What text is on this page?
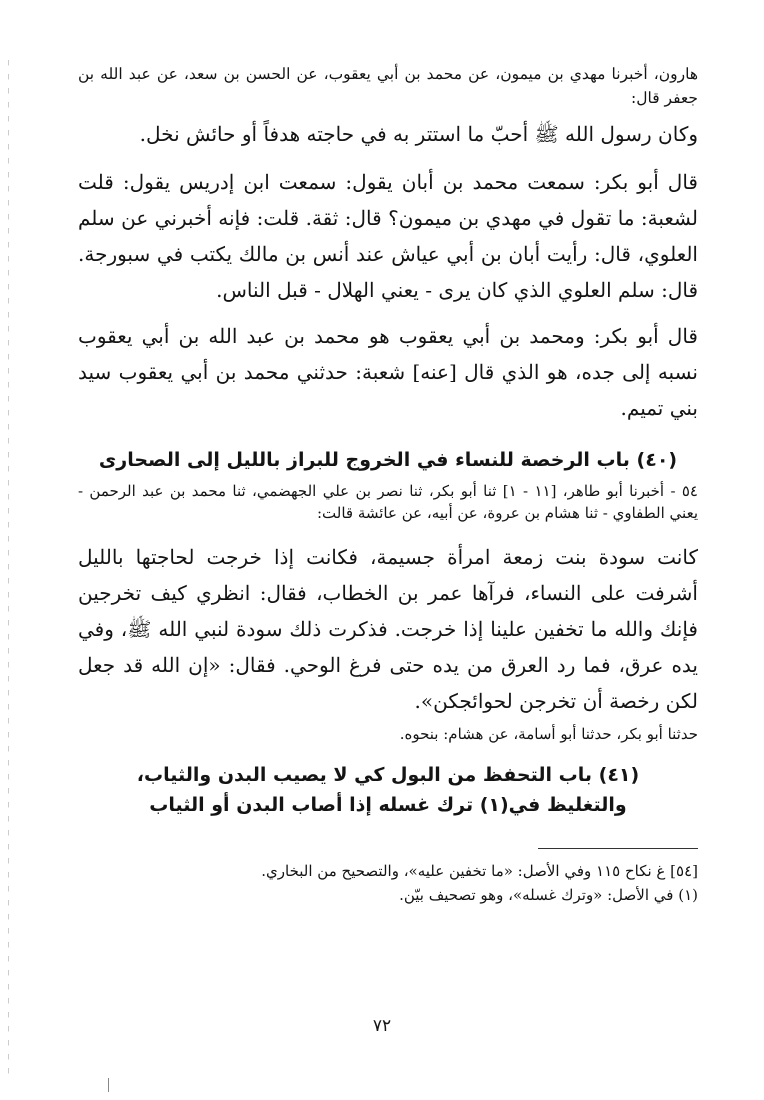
هارون، أخبرنا مهدي بن ميمون، عن محمد بن أبي يعقوب، عن الحسن بن سعد، عن عبد الله بن جعفر قال:

وكان رسول الله ﷺ أحبّ ما استتر به في حاجته هدفاً أو حائش نخل.

قال أبو بكر: سمعت محمد بن أبان يقول: سمعت ابن إدريس يقول: قلت لشعبة: ما تقول في مهدي بن ميمون؟ قال: ثقة. قلت: فإنه أخبرني عن سلم العلوي، قال: رأيت أبان بن أبي عياش عند أنس بن مالك يكتب في سبورجة. قال: سلم العلوي الذي كان يرى - يعني الهلال - قبل الناس.

قال أبو بكر: ومحمد بن أبي يعقوب هو محمد بن عبد الله بن أبي يعقوب نسبه إلى جده، هو الذي قال [عنه] شعبة: حدثني محمد بن أبي يعقوب سيد بني تميم.

(٤٠) باب الرخصة للنساء في الخروج للبراز بالليل إلى الصحارى

٥٤ - أخبرنا أبو طاهر، [١١ - ١] ثنا أبو بكر، ثنا نصر بن علي الجهضمي، ثنا محمد بن عبد الرحمن - يعني الطفاوي - ثنا هشام بن عروة، عن أبيه، عن عائشة قالت:

كانت سودة بنت زمعة امرأة جسيمة، فكانت إذا خرجت لحاجتها بالليل أشرفت على النساء، فرآها عمر بن الخطاب، فقال: انظري كيف تخرجين فإنك والله ما تخفين علينا إذا خرجت. فذكرت ذلك سودة لنبي الله ﷺ، وفي يده عرق، فما رد العرق من يده حتى فرغ الوحي. فقال: «إن الله قد جعل لكن رخصة أن تخرجن لحوائجكن».

حدثنا أبو بكر، حدثنا أبو أسامة، عن هشام: بنحوه.

(٤١) باب التحفظ من البول كي لا يصيب البدن والثياب،
والتغليظ في(١) ترك غسله إذا أصاب البدن أو الثياب
[٥٤] غ نكاح ١١٥ وفي الأصل: «ما تخفين عليه»، والتصحيح من البخاري.
(١) في الأصل: «وترك غسله»، وهو تصحيف بيّن.
٧٢
